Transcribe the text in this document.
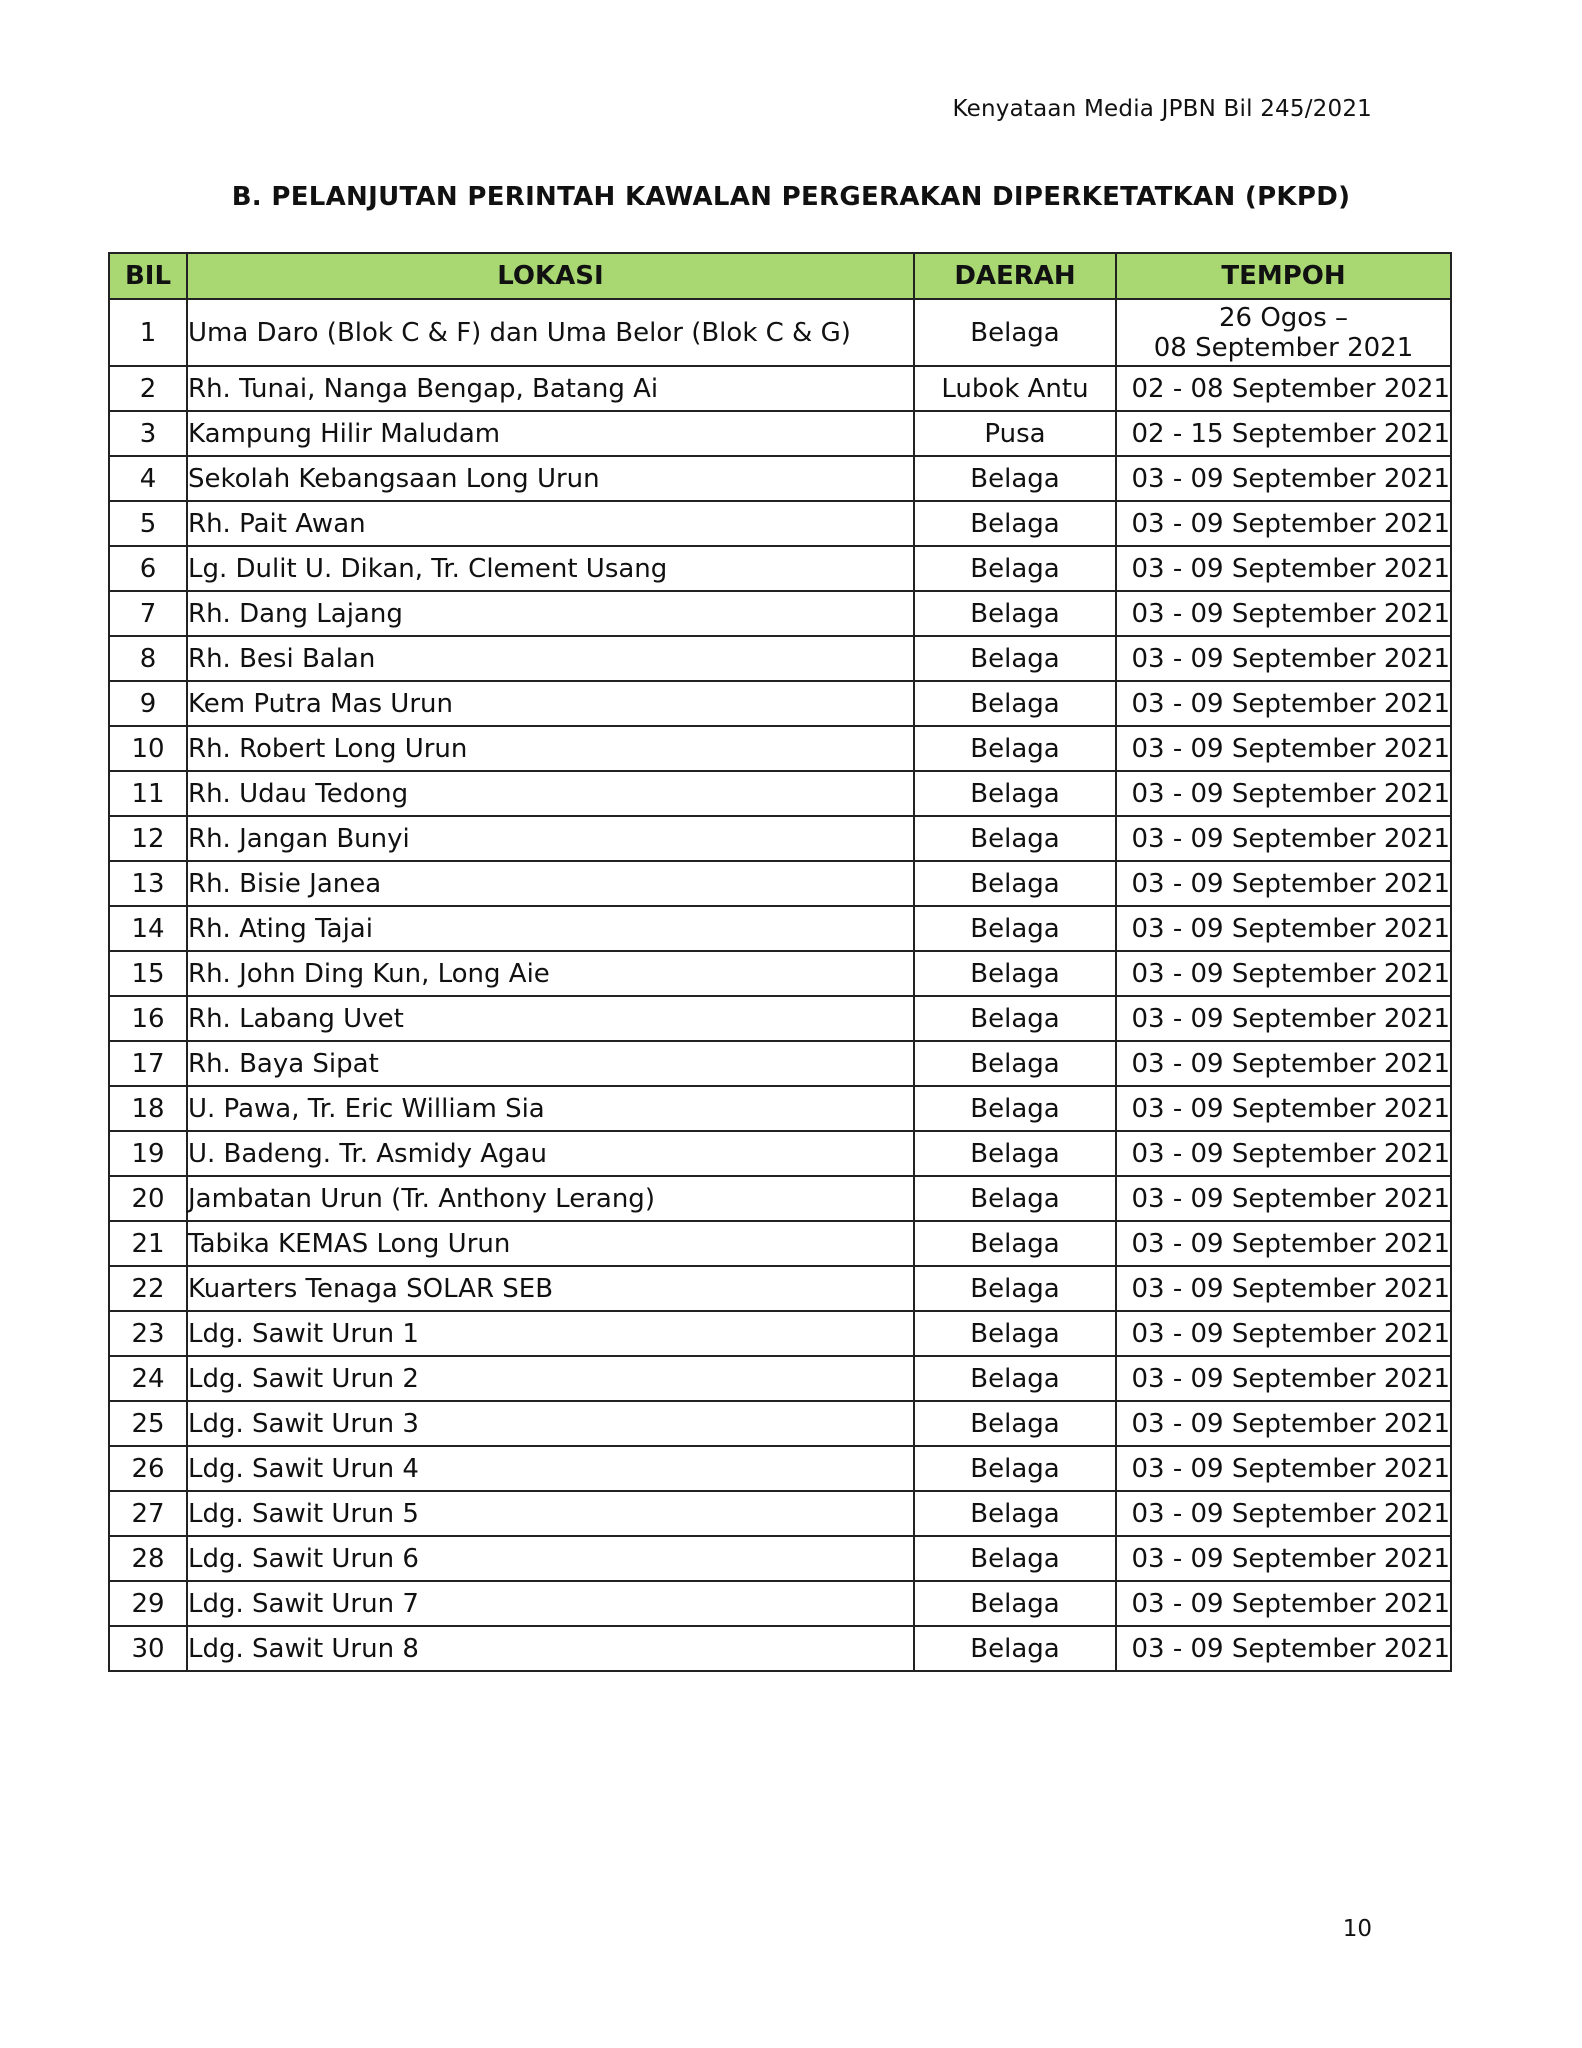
Kenyataan Media JPBN Bil 245/2021
B. PELANJUTAN PERINTAH KAWALAN PERGERAKAN DIPERKETATKAN (PKPD)
BIL	LOKASI	DAERAH	TEMPOH
1	Uma Daro (Blok C & F) dan Uma Belor (Blok C & G)	Belaga	26 Ogos –
08 September 2021
2	Rh. Tunai, Nanga Bengap, Batang Ai	Lubok Antu	02 - 08 September 2021
3	Kampung Hilir Maludam	Pusa	02 - 15 September 2021
4	Sekolah Kebangsaan Long Urun	Belaga	03 - 09 September 2021
5	Rh. Pait Awan	Belaga	03 - 09 September 2021
6	Lg. Dulit U. Dikan, Tr. Clement Usang	Belaga	03 - 09 September 2021
7	Rh. Dang Lajang	Belaga	03 - 09 September 2021
8	Rh. Besi Balan	Belaga	03 - 09 September 2021
9	Kem Putra Mas Urun	Belaga	03 - 09 September 2021
10	Rh. Robert Long Urun	Belaga	03 - 09 September 2021
11	Rh. Udau Tedong	Belaga	03 - 09 September 2021
12	Rh. Jangan Bunyi	Belaga	03 - 09 September 2021
13	Rh. Bisie Janea	Belaga	03 - 09 September 2021
14	Rh. Ating Tajai	Belaga	03 - 09 September 2021
15	Rh. John Ding Kun, Long Aie	Belaga	03 - 09 September 2021
16	Rh. Labang Uvet	Belaga	03 - 09 September 2021
17	Rh. Baya Sipat	Belaga	03 - 09 September 2021
18	U. Pawa, Tr. Eric William Sia	Belaga	03 - 09 September 2021
19	U. Badeng. Tr. Asmidy Agau	Belaga	03 - 09 September 2021
20	Jambatan Urun (Tr. Anthony Lerang)	Belaga	03 - 09 September 2021
21	Tabika KEMAS Long Urun	Belaga	03 - 09 September 2021
22	Kuarters Tenaga SOLAR SEB	Belaga	03 - 09 September 2021
23	Ldg. Sawit Urun 1	Belaga	03 - 09 September 2021
24	Ldg. Sawit Urun 2	Belaga	03 - 09 September 2021
25	Ldg. Sawit Urun 3	Belaga	03 - 09 September 2021
26	Ldg. Sawit Urun 4	Belaga	03 - 09 September 2021
27	Ldg. Sawit Urun 5	Belaga	03 - 09 September 2021
28	Ldg. Sawit Urun 6	Belaga	03 - 09 September 2021
29	Ldg. Sawit Urun 7	Belaga	03 - 09 September 2021
30	Ldg. Sawit Urun 8	Belaga	03 - 09 September 2021
10
